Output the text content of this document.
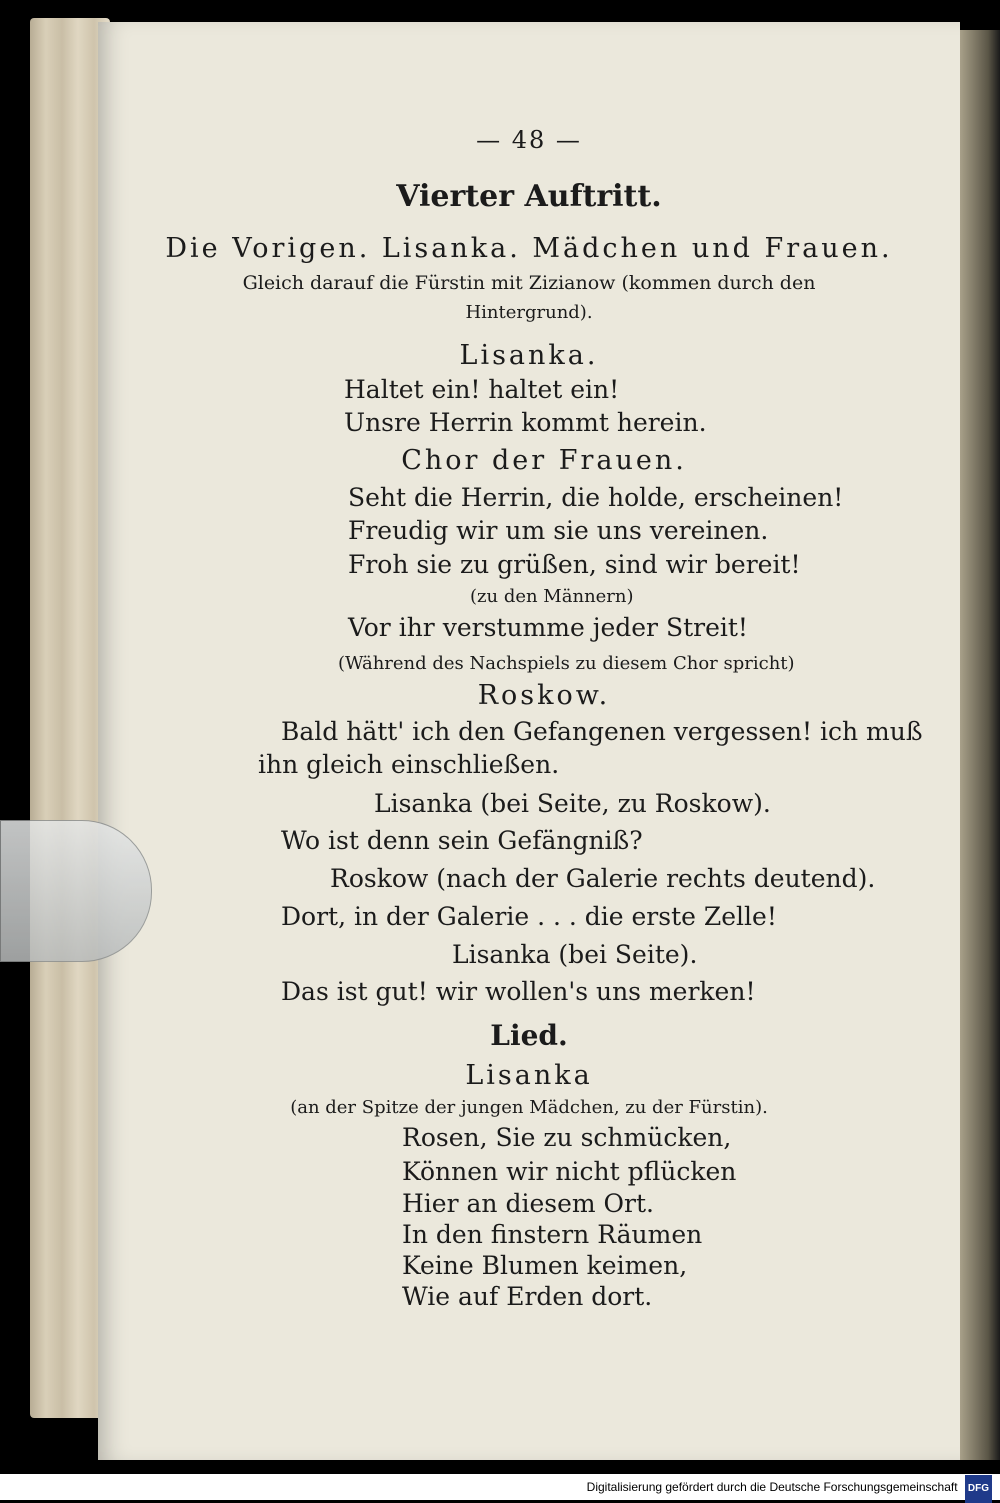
— 48 —
Vierter Auftritt.
Die Vorigen. Lisanka. Mädchen und Frauen.
Gleich darauf die Fürstin mit Zizianow (kommen durch den
Hintergrund).
Lisanka.
Haltet ein! haltet ein!
Unsre Herrin kommt herein.
Chor der Frauen.
Seht die Herrin, die holde, erscheinen!
Freudig wir um sie uns vereinen.
Froh sie zu grüßen, sind wir bereit!
(zu den Männern)
Vor ihr verstumme jeder Streit!
(Während des Nachspiels zu diesem Chor spricht)
Roskow.
Bald hätt' ich den Gefangenen vergessen! ich muß
ihn gleich einschließen.
Lisanka (bei Seite, zu Roskow).
Wo ist denn sein Gefängniß?
Roskow (nach der Galerie rechts deutend).
Dort, in der Galerie . . . die erste Zelle!
Lisanka (bei Seite).
Das ist gut! wir wollen's uns merken!
Lied.
Lisanka
(an der Spitze der jungen Mädchen, zu der Fürstin).
Rosen, Sie zu schmücken,
Können wir nicht pflücken
Hier an diesem Ort.
In den finstern Räumen
Keine Blumen keimen,
Wie auf Erden dort.
Digitalisierung gefördert durch die Deutsche Forschungsgemeinschaft DFG
